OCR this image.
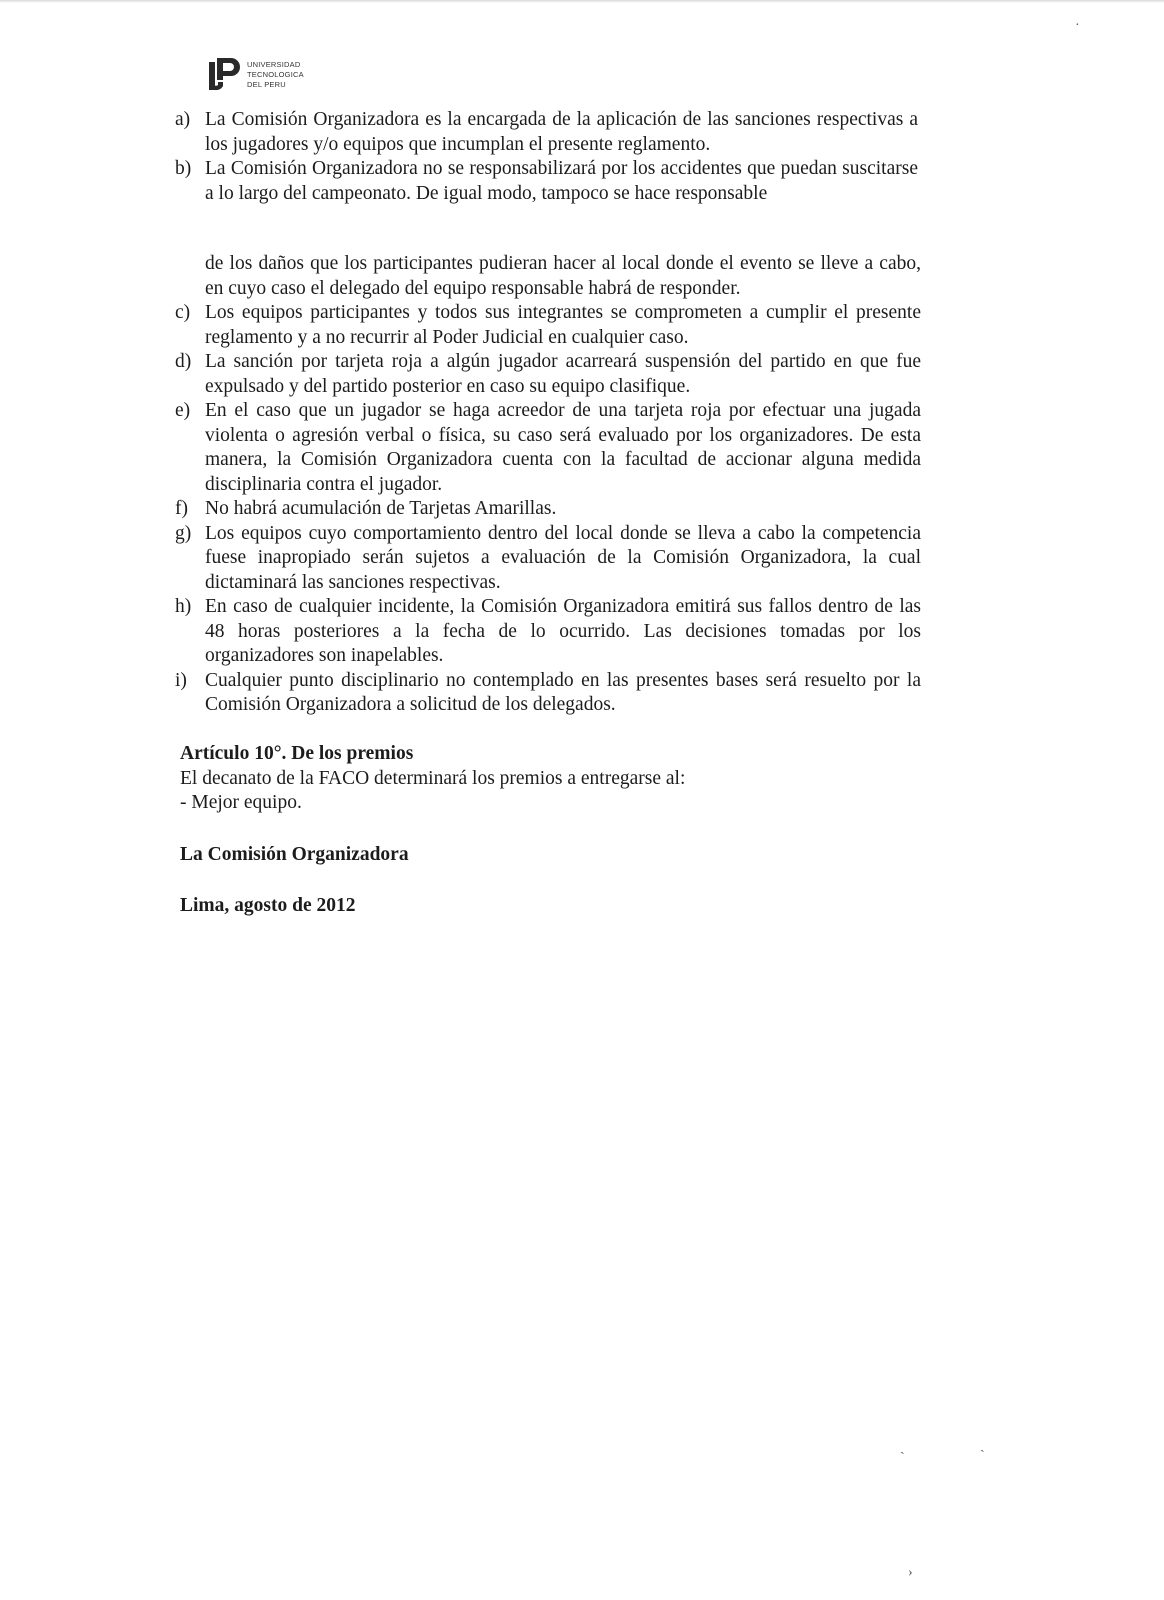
UNIVERSIDAD
TECNOLOGICA
DEL PERU
a) La Comisión Organizadora es la encargada de la aplicación de las sanciones respectivas a los jugadores y/o equipos que incumplan el presente reglamento.
b) La Comisión Organizadora no se responsabilizará por los accidentes que puedan suscitarse a lo largo del campeonato. De igual modo, tampoco se hace responsable
de los daños que los participantes pudieran hacer al local donde el evento se lleve a cabo, en cuyo caso el delegado del equipo responsable habrá de responder.
c) Los equipos participantes y todos sus integrantes se comprometen a cumplir el presente reglamento y a no recurrir al Poder Judicial en cualquier caso.
d) La sanción por tarjeta roja a algún jugador acarreará suspensión del partido en que fue expulsado y del partido posterior en caso su equipo clasifique.
e) En el caso que un jugador se haga acreedor de una tarjeta roja por efectuar una jugada violenta o agresión verbal o física, su caso será evaluado por los organizadores. De esta manera, la Comisión Organizadora cuenta con la facultad de accionar alguna medida disciplinaria contra el jugador.
f) No habrá acumulación de Tarjetas Amarillas.
g) Los equipos cuyo comportamiento dentro del local donde se lleva a cabo la competencia fuese inapropiado serán sujetos a evaluación de la Comisión Organizadora, la cual dictaminará las sanciones respectivas.
h) En caso de cualquier incidente, la Comisión Organizadora emitirá sus fallos dentro de las 48 horas posteriores a la fecha de lo ocurrido. Las decisiones tomadas por los organizadores son inapelables.
i) Cualquier punto disciplinario no contemplado en las presentes bases será resuelto por la Comisión Organizadora a solicitud de los delegados.
Artículo 10°. De los premios
El decanato de la FACO determinará los premios a entregarse al:
- Mejor equipo.
La Comisión Organizadora
Lima, agosto de 2012
·
ˎ	ˏ
›
